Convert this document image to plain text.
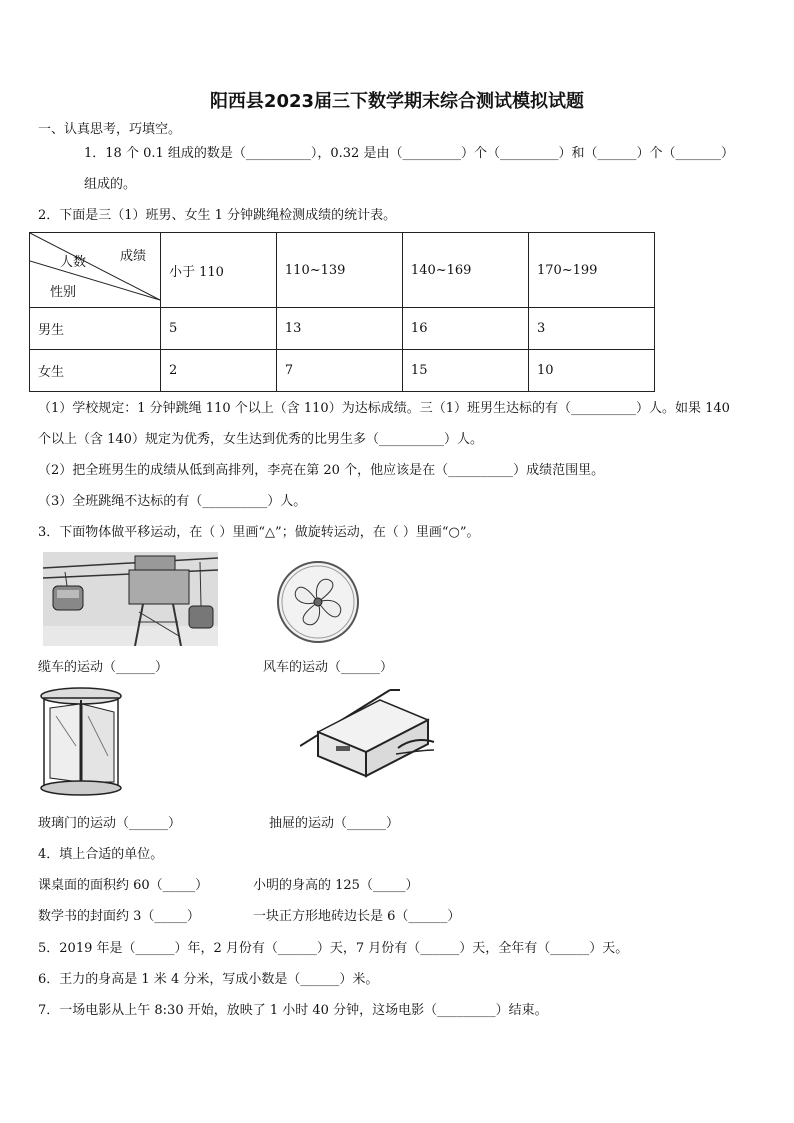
阳西县2023届三下数学期末综合测试模拟试题
一、认真思考，巧填空。
1．18 个 0.1 组成的数是（__________），0.32 是由（_________）个（_________）和（______）个（_______）
组成的。
2．下面是三（1）班男、女生 1 分钟跳绳检测成绩的统计表。
人数 成绩
性别	小于 110	110~139	140~169	170~199
男生	5	13	16	3
女生	2	7	15	10
（1）学校规定：1 分钟跳绳 110 个以上（含 110）为达标成绩。三（1）班男生达标的有（__________）人。如果 140
个以上（含 140）规定为优秀，女生达到优秀的比男生多（__________）人。
（2）把全班男生的成绩从低到高排列，李亮在第 20 个，他应该是在（__________）成绩范围里。
（3）全班跳绳不达标的有（__________）人。
3．下面物体做平移运动，在（ ）里画“△”；做旋转运动，在（ ）里画“○”。
缆车的运动（______）	风车的运动（______）
玻璃门的运动（______）	抽屉的运动（______）
4．填上合适的单位。
课桌面的面积约 60（_____）	小明的身高的 125（_____）
数学书的封面约 3（_____）	一块正方形地砖边长是 6（______）
5．2019 年是（______）年，2 月份有（______）天，7 月份有（______）天，全年有（______）天。
6．王力的身高是 1 米 4 分米，写成小数是（______）米。
7．一场电影从上午 8:30 开始，放映了 1 小时 40 分钟，这场电影（_________）结束。
